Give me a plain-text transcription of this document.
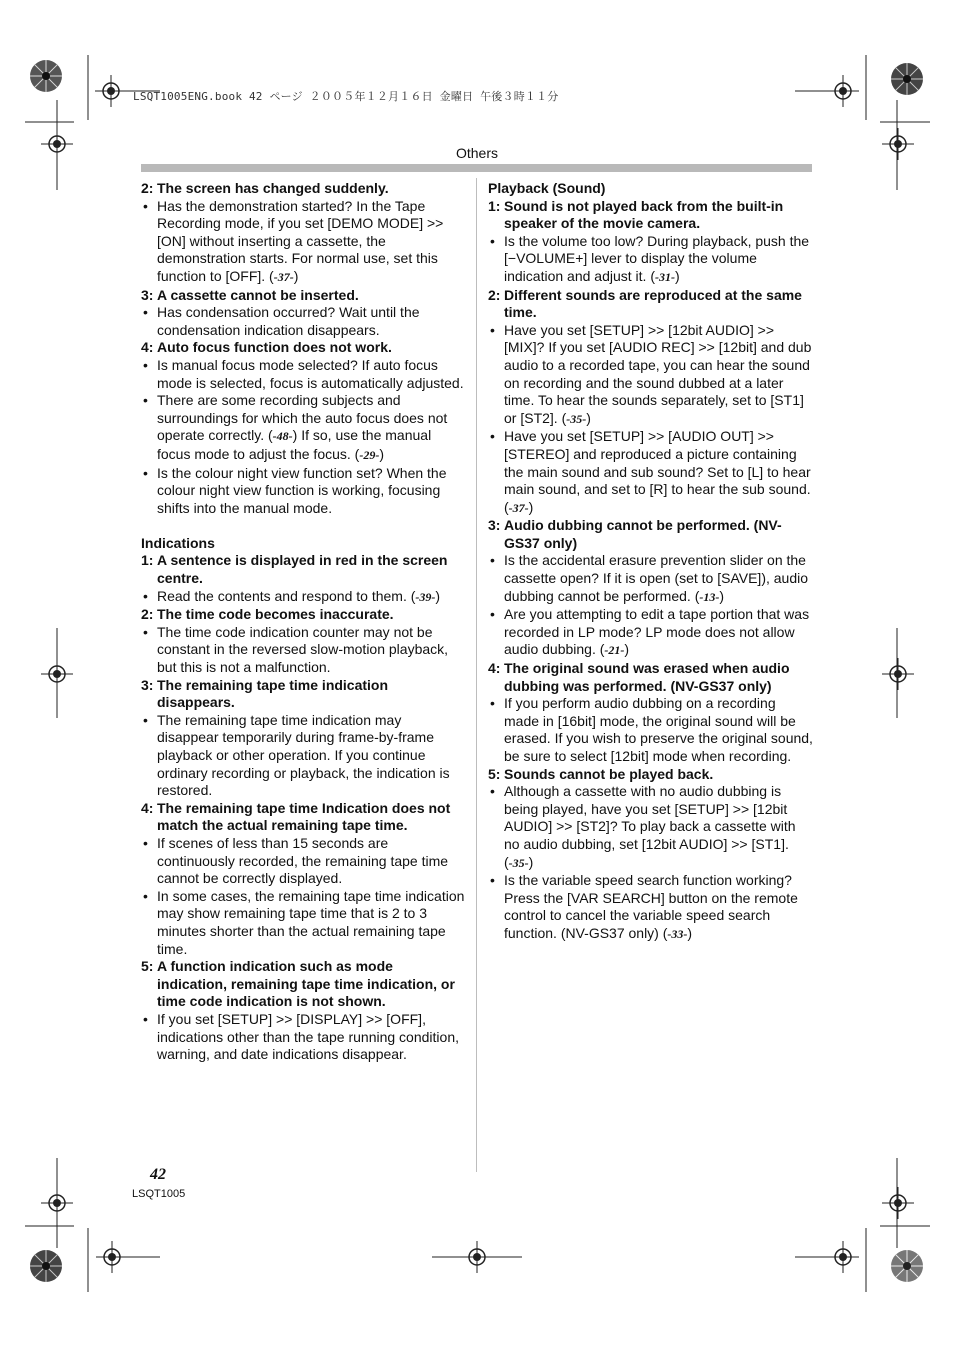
LSQT1005ENG.book 42 ページ ２００５年１２月１６日 金曜日 午後３時１１分
Others
2: The screen has changed suddenly.
• Has the demonstration started? In the Tape Recording mode, if you set [DEMO MODE] >> [ON] without inserting a cassette, the demonstration starts. For normal use, set this function to [OFF]. (-37-)
3: A cassette cannot be inserted.
• Has condensation occurred? Wait until the condensation indication disappears.
4: Auto focus function does not work.
• Is manual focus mode selected? If auto focus mode is selected, focus is automatically adjusted.
• There are some recording subjects and surroundings for which the auto focus does not operate correctly. (-48-) If so, use the manual focus mode to adjust the focus. (-29-)
• Is the colour night view function set? When the colour night view function is working, focusing shifts into the manual mode.
Indications
1: A sentence is displayed in red in the screen centre.
• Read the contents and respond to them. (-39-)
2: The time code becomes inaccurate.
• The time code indication counter may not be constant in the reversed slow-motion playback, but this is not a malfunction.
3: The remaining tape time indication disappears.
• The remaining tape time indication may disappear temporarily during frame-by-frame playback or other operation. If you continue ordinary recording or playback, the indication is restored.
4: The remaining tape time Indication does not match the actual remaining tape time.
• If scenes of less than 15 seconds are continuously recorded, the remaining tape time cannot be correctly displayed.
• In some cases, the remaining tape time indication may show remaining tape time that is 2 to 3 minutes shorter than the actual remaining tape time.
5: A function indication such as mode indication, remaining tape time indication, or time code indication is not shown.
• If you set [SETUP] >> [DISPLAY] >> [OFF], indications other than the tape running condition, warning, and date indications disappear.
Playback (Sound)
1: Sound is not played back from the built-in speaker of the movie camera.
• Is the volume too low? During playback, push the [−VOLUME+] lever to display the volume indication and adjust it. (-31-)
2: Different sounds are reproduced at the same time.
• Have you set [SETUP] >> [12bit AUDIO] >> [MIX]? If you set [AUDIO REC] >> [12bit] and dub audio to a recorded tape, you can hear the sound on recording and the sound dubbed at a later time. To hear the sounds separately, set to [ST1] or [ST2]. (-35-)
• Have you set [SETUP] >> [AUDIO OUT] >> [STEREO] and reproduced a picture containing the main sound and sub sound? Set to [L] to hear main sound, and set to [R] to hear the sub sound. (-37-)
3: Audio dubbing cannot be performed. (NV-GS37 only)
• Is the accidental erasure prevention slider on the cassette open? If it is open (set to [SAVE]), audio dubbing cannot be performed. (-13-)
• Are you attempting to edit a tape portion that was recorded in LP mode? LP mode does not allow audio dubbing. (-21-)
4: The original sound was erased when audio dubbing was performed. (NV-GS37 only)
• If you perform audio dubbing on a recording made in [16bit] mode, the original sound will be erased. If you wish to preserve the original sound, be sure to select [12bit] mode when recording.
5: Sounds cannot be played back.
• Although a cassette with no audio dubbing is being played, have you set [SETUP] >> [12bit AUDIO] >> [ST2]? To play back a cassette with no audio dubbing, set [12bit AUDIO] >> [ST1]. (-35-)
• Is the variable speed search function working? Press the [VAR SEARCH] button on the remote control to cancel the variable speed search function. (NV-GS37 only) (-33-)
42
LSQT1005
